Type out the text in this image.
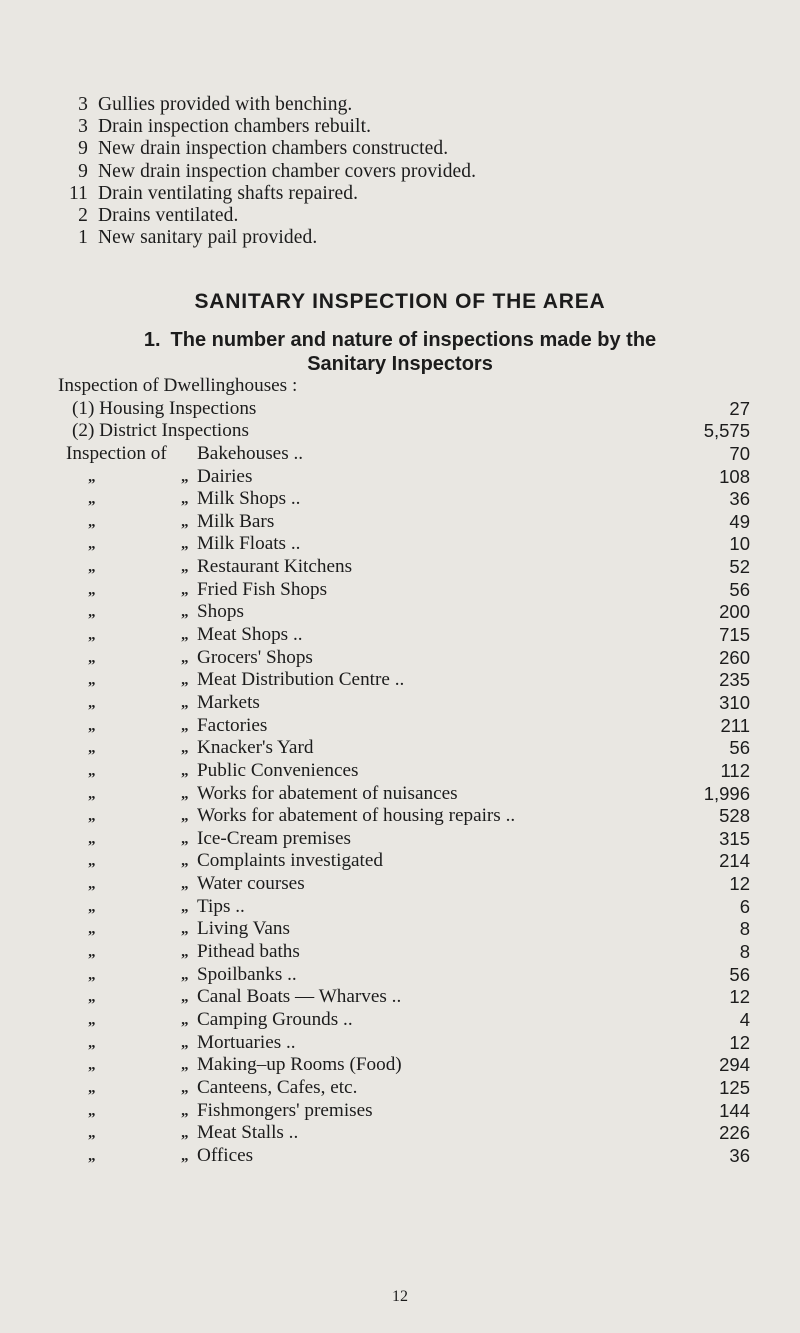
3 Gullies provided with benching.
3 Drain inspection chambers rebuilt.
9 New drain inspection chambers constructed.
9 New drain inspection chamber covers provided.
11 Drain ventilating shafts repaired.
2 Drains ventilated.
1 New sanitary pail provided.
SANITARY INSPECTION OF THE AREA
1. The number and nature of inspections made by the
Sanitary Inspectors
Inspection of Dwellinghouses :
(1) Housing Inspections	27
(2) District Inspections	5,575
Inspection of Bakehouses ..	70
„	„ Dairies	108
„	„ Milk Shops ..	36
„	„ Milk Bars	49
„	„ Milk Floats ..	10
„	„ Restaurant Kitchens	52
„	„ Fried Fish Shops	56
„	„ Shops	200
„	„ Meat Shops ..	715
„	„ Grocers' Shops	260
„	„ Meat Distribution Centre ..	235
„	„ Markets	310
„	„ Factories	211
„	„ Knacker's Yard	56
„	„ Public Conveniences	112
„	„ Works for abatement of nuisances	1,996
„	„ Works for abatement of housing repairs ..	528
„	„ Ice-Cream premises	315
„	„ Complaints investigated	214
„	„ Water courses	12
„	„ Tips ..	6
„	„ Living Vans	8
„	„ Pithead baths	8
„	„ Spoilbanks ..	56
„	„ Canal Boats — Wharves ..	12
„	„ Camping Grounds ..	4
„	„ Mortuaries ..	12
„	„ Making–up Rooms (Food)	294
„	„ Canteens, Cafes, etc.	125
„	„ Fishmongers' premises	144
„	„ Meat Stalls ..	226
„	„ Offices	36
12
